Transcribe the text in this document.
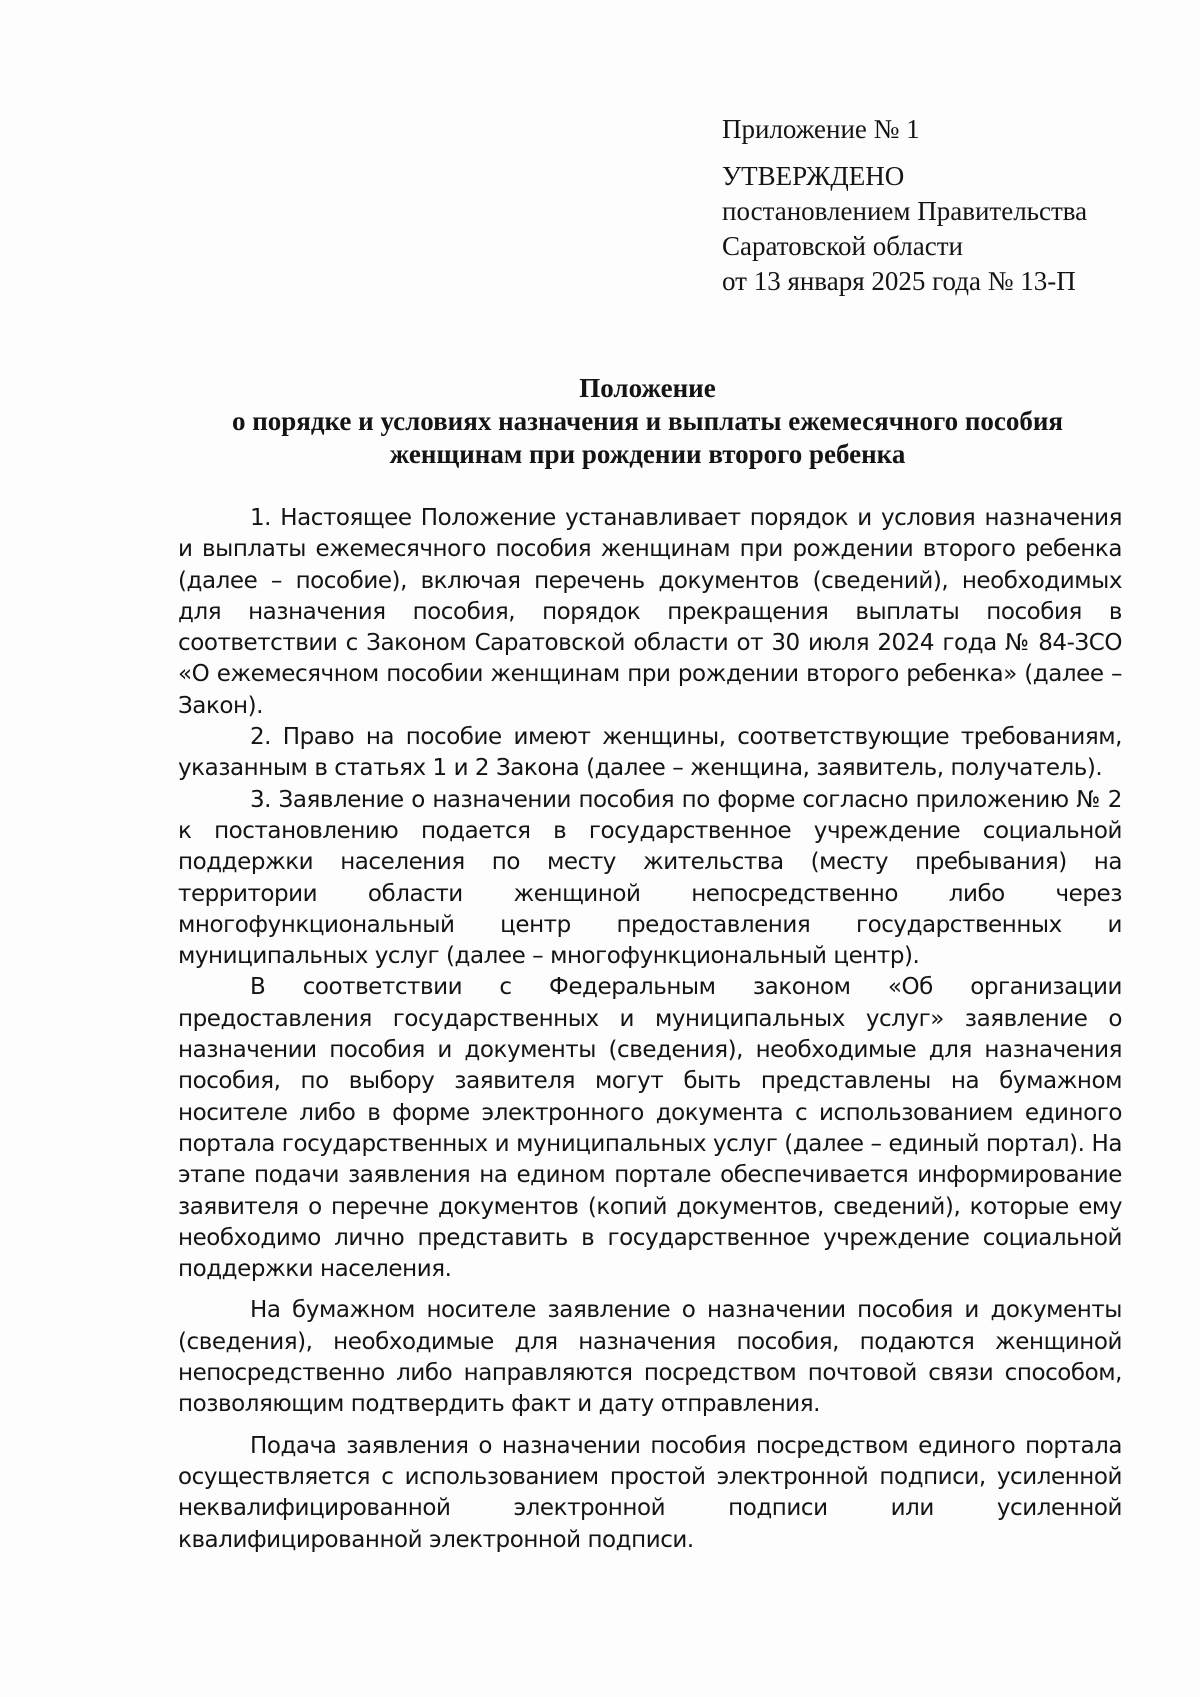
Приложение № 1
УТВЕРЖДЕНО
постановлением Правительства
Саратовской области
от 13 января 2025 года № 13-П
Положение
о порядке и условиях назначения и выплаты ежемесячного пособия
женщинам при рождении второго ребенка

1. Настоящее Положение устанавливает порядок и условия назначения и выплаты ежемесячного пособия женщинам при рождении второго ребенка (далее – пособие), включая перечень документов (сведений), необходимых для назначения пособия, порядок прекращения выплаты пособия в соответствии с Законом Саратовской области от 30 июля 2024 года № 84-ЗСО «О ежемесячном пособии женщинам при рождении второго ребенка» (далее – Закон).

2. Право на пособие имеют женщины, соответствующие требованиям, указанным в статьях 1 и 2 Закона (далее – женщина, заявитель, получатель).

3. Заявление о назначении пособия по форме согласно приложению № 2 к постановлению подается в государственное учреждение социальной поддержки населения по месту жительства (месту пребывания) на территории области женщиной непосредственно либо через многофункциональный центр предоставления государственных и муниципальных услуг (далее – многофункциональный центр).

В соответствии с Федеральным законом «Об организации предоставления государственных и муниципальных услуг» заявление о назначении пособия и документы (сведения), необходимые для назначения пособия, по выбору заявителя могут быть представлены на бумажном носителе либо в форме электронного документа с использованием единого портала государственных и муниципальных услуг (далее – единый портал). На этапе подачи заявления на едином портале обеспечивается информирование заявителя о перечне документов (копий документов, сведений), которые ему необходимо лично представить в государственное учреждение социальной поддержки населения.

На бумажном носителе заявление о назначении пособия и документы (сведения), необходимые для назначения пособия, подаются женщиной непосредственно либо направляются посредством почтовой связи способом, позволяющим подтвердить факт и дату отправления.

Подача заявления о назначении пособия посредством единого портала осуществляется с использованием простой электронной подписи, усиленной неквалифицированной электронной подписи или усиленной квалифицированной электронной подписи.
